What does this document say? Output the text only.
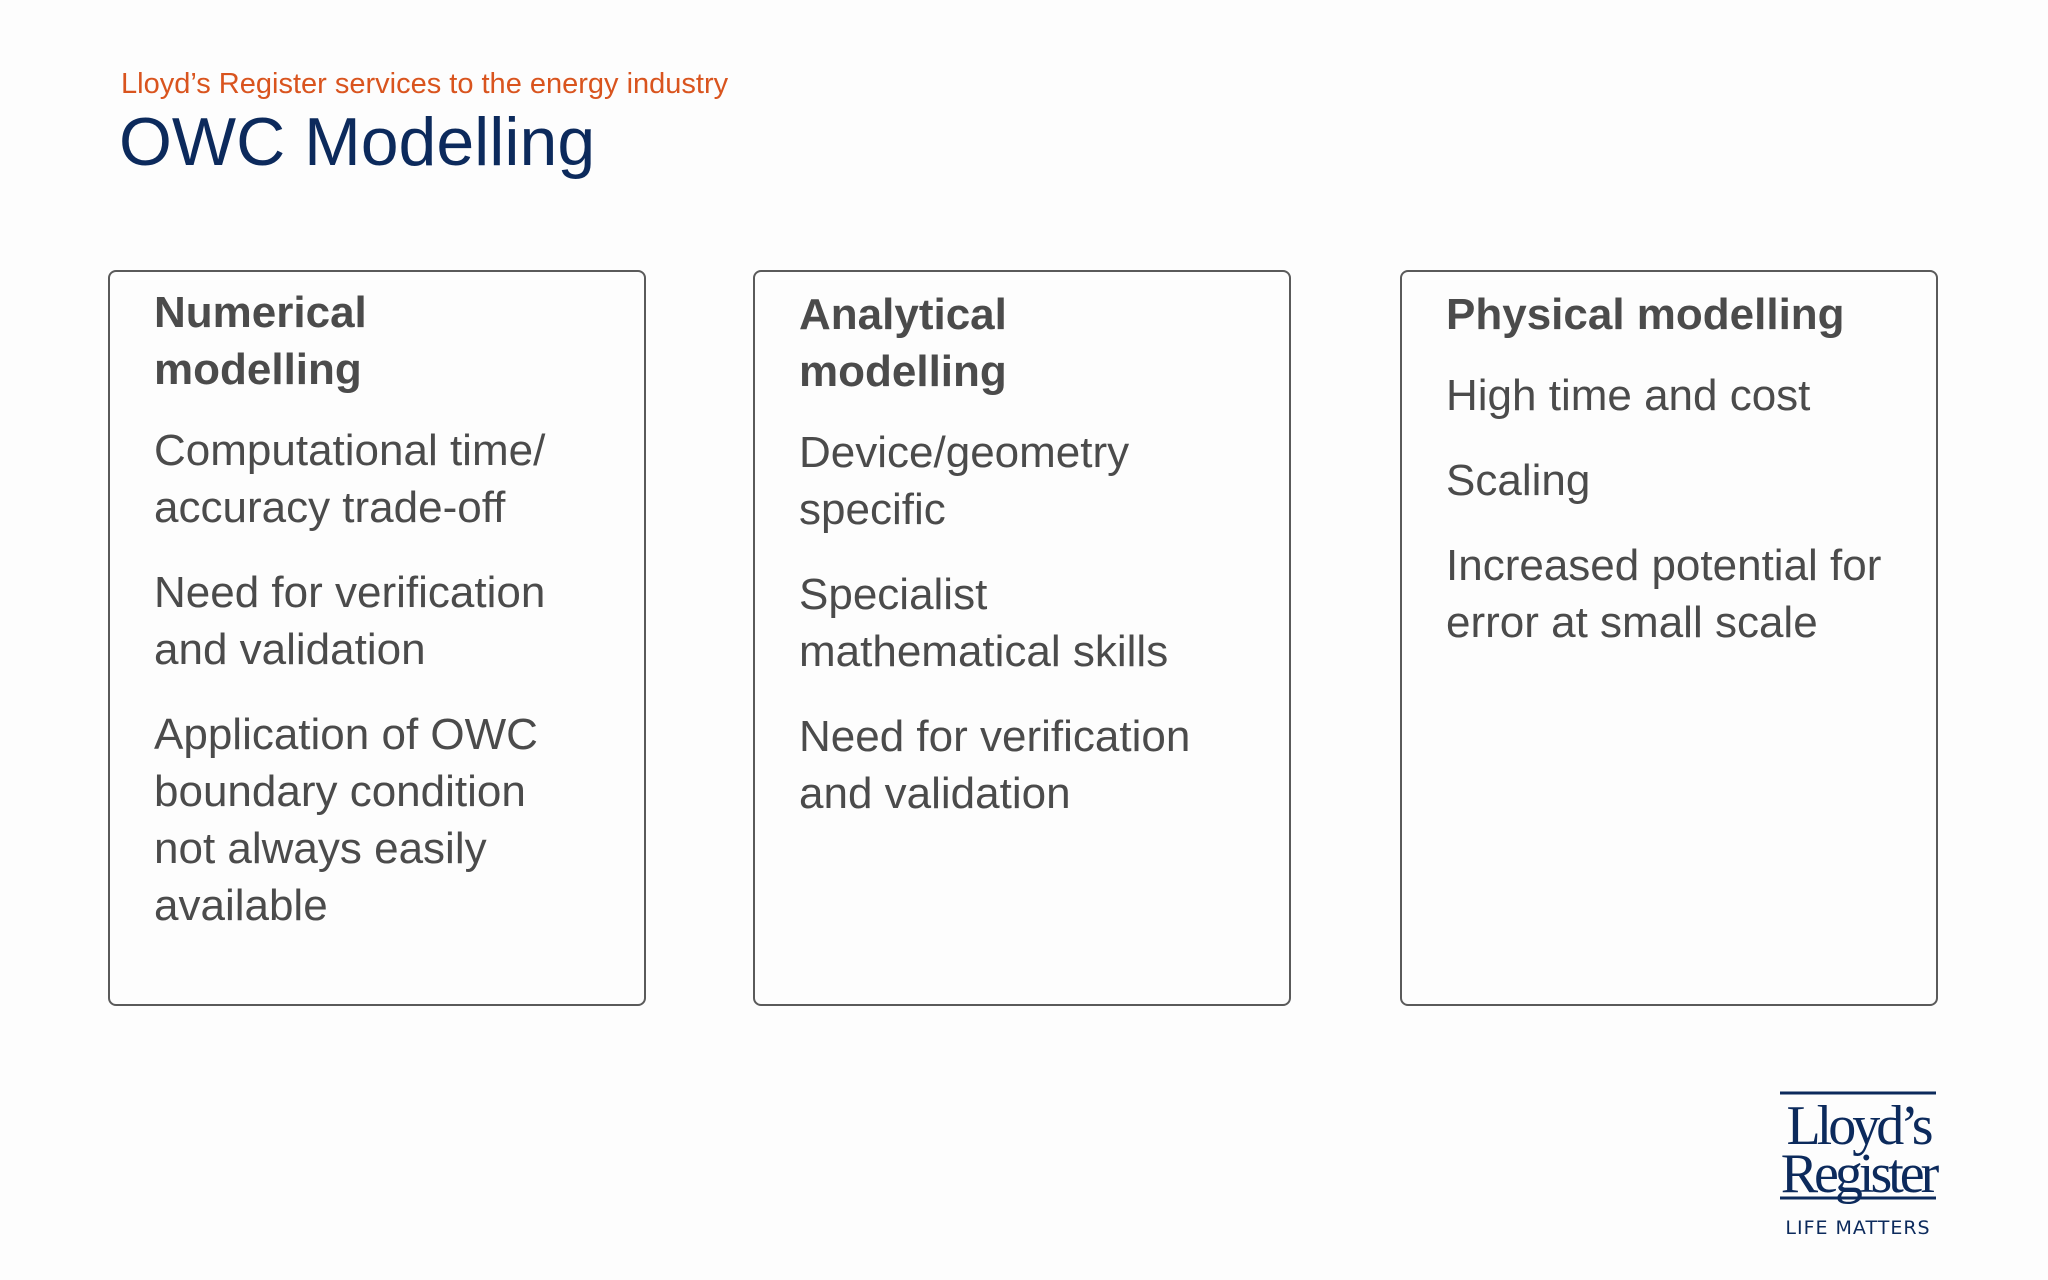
Lloyd’s Register services to the energy industry
OWC Modelling
Numerical modelling
Computational time/ accuracy trade-off
Need for verification and validation
Application of OWC boundary condition not always easily available
Analytical modelling
Device/geometry specific
Specialist mathematical skills
Need for verification and validation
Physical modelling
High time and cost
Scaling
Increased potential for error at small scale
Lloyd’s
Register
LIFE MATTERS
